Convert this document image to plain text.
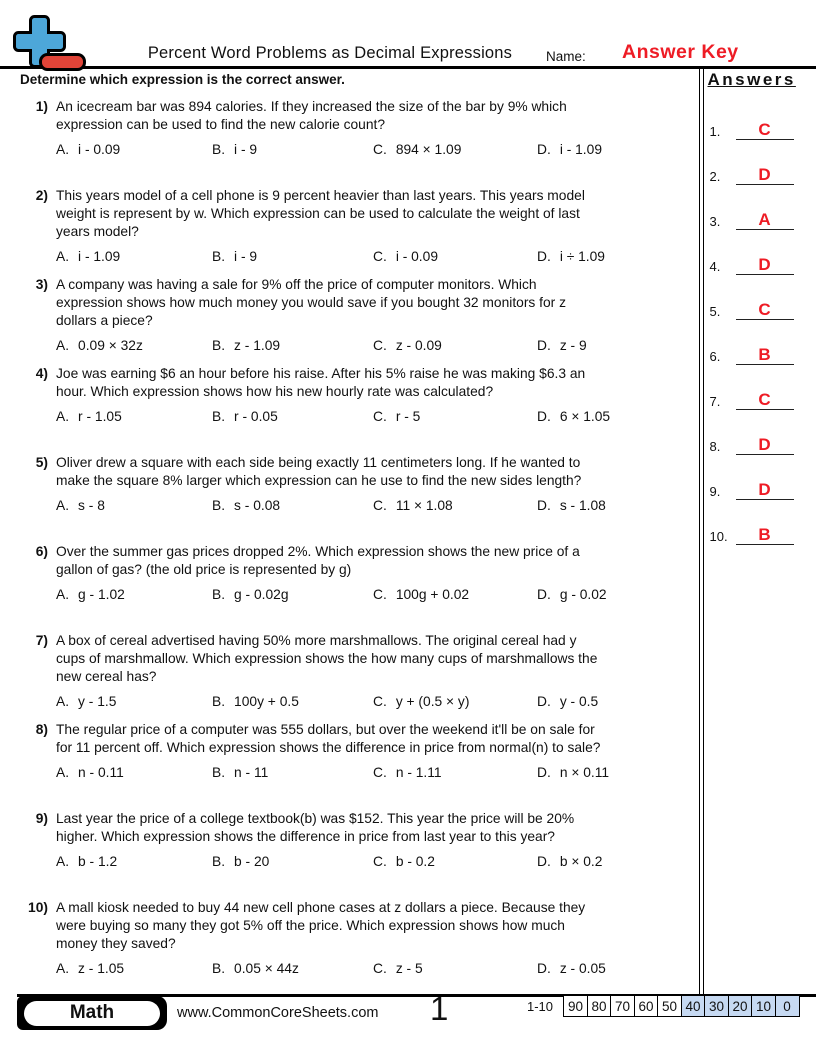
Percent Word Problems as Decimal Expressions	Name: Answer Key
Determine which expression is the correct answer.
1) An icecream bar was 894 calories. If they increased the size of the bar by 9% which
expression can be used to find the new calorie count?
A. i - 0.09	B. i - 9	C. 894 × 1.09	D. i - 1.09
2) This years model of a cell phone is 9 percent heavier than last years. This years model
weight is represent by w. Which expression can be used to calculate the weight of last
years model?
A. i - 1.09	B. i - 9	C. i - 0.09	D. i ÷ 1.09
3) A company was having a sale for 9% off the price of computer monitors. Which
expression shows how much money you would save if you bought 32 monitors for z
dollars a piece?
A. 0.09 × 32z	B. z - 1.09	C. z - 0.09	D. z - 9
4) Joe was earning $6 an hour before his raise. After his 5% raise he was making $6.3 an
hour. Which expression shows how his new hourly rate was calculated?
A. r - 1.05	B. r - 0.05	C. r - 5	D. 6 × 1.05
5) Oliver drew a square with each side being exactly 11 centimeters long. If he wanted to
make the square 8% larger which expression can he use to find the new sides length?
A. s - 8	B. s - 0.08	C. 11 × 1.08	D. s - 1.08
6) Over the summer gas prices dropped 2%. Which expression shows the new price of a
gallon of gas? (the old price is represented by g)
A. g - 1.02	B. g - 0.02g	C. 100g + 0.02	D. g - 0.02
7) A box of cereal advertised having 50% more marshmallows. The original cereal had y
cups of marshmallow. Which expression shows the how many cups of marshmallows the
new cereal has?
A. y - 1.5	B. 100y + 0.5	C. y + (0.5 × y)	D. y - 0.5
8) The regular price of a computer was 555 dollars, but over the weekend it'll be on sale for
for 11 percent off. Which expression shows the difference in price from normal(n) to sale?
A. n - 0.11	B. n - 11	C. n - 1.11	D. n × 0.11
9) Last year the price of a college textbook(b) was $152. This year the price will be 20%
higher. Which expression shows the difference in price from last year to this year?
A. b - 1.2	B. b - 20	C. b - 0.2	D. b × 0.2
10) A mall kiosk needed to buy 44 new cell phone cases at z dollars a piece. Because they
were buying so many they got 5% off the price. Which expression shows how much
money they saved?
A. z - 1.05	B. 0.05 × 44z	C. z - 5	D. z - 0.05
Answers
1.	C
2.	D
3.	A
4.	D
5.	C
6.	B
7.	C
8.	D
9.	D
10.	B
Math	www.CommonCoreSheets.com 1	1-10	90 80 70 60 50 40 30 20 10 0
